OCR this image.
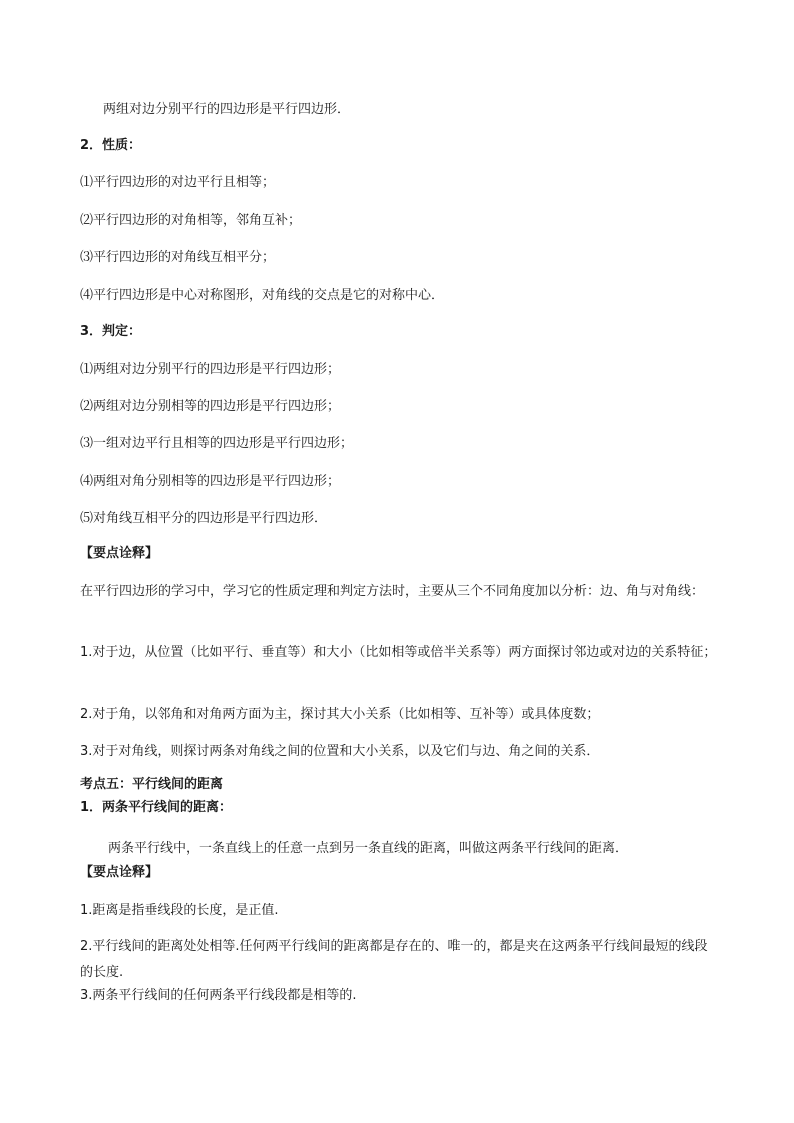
两组对边分别平行的四边形是平行四边形．
2．性质：
⑴平行四边形的对边平行且相等；
⑵平行四边形的对角相等，邻角互补；
⑶平行四边形的对角线互相平分；
⑷平行四边形是中心对称图形，对角线的交点是它的对称中心．
3．判定：
⑴两组对边分别平行的四边形是平行四边形；
⑵两组对边分别相等的四边形是平行四边形；
⑶一组对边平行且相等的四边形是平行四边形；
⑷两组对角分别相等的四边形是平行四边形；
⑸对角线互相平分的四边形是平行四边形．
【要点诠释】
在平行四边形的学习中，学习它的性质定理和判定方法时，主要从三个不同角度加以分析：边、角与对角线：
1.对于边，从位置（比如平行、垂直等）和大小（比如相等或倍半关系等）两方面探讨邻边或对边的关系特征；
2.对于角，以邻角和对角两方面为主，探讨其大小关系（比如相等、互补等）或具体度数；
3.对于对角线，则探讨两条对角线之间的位置和大小关系，以及它们与边、角之间的关系．
考点五：平行线间的距离
1．两条平行线间的距离：
两条平行线中，一条直线上的任意一点到另一条直线的距离，叫做这两条平行线间的距离．
【要点诠释】
1.距离是指垂线段的长度，是正值.
2.平行线间的距离处处相等.任何两平行线间的距离都是存在的、唯一的，都是夹在这两条平行线间最短的线段的长度.
3.两条平行线间的任何两条平行线段都是相等的.
